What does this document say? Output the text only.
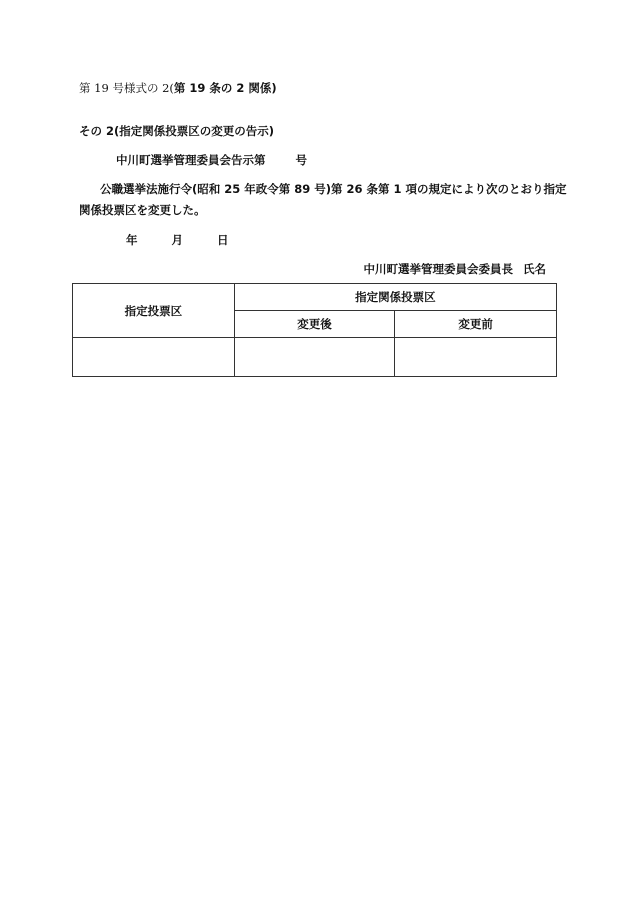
第 19 号様式の 2(第 19 条の 2 関係)
その 2(指定関係投票区の変更の告示)
中川町選挙管理委員会告示第	号
公職選挙法施行令(昭和 25 年政令第 89 号)第 26 条第 1 項の規定により次のとおり指定
関係投票区を変更した。
年	月	日
中川町選挙管理委員会委員長 氏名
指定投票区	指定関係投票区	
	変更後	変更前
